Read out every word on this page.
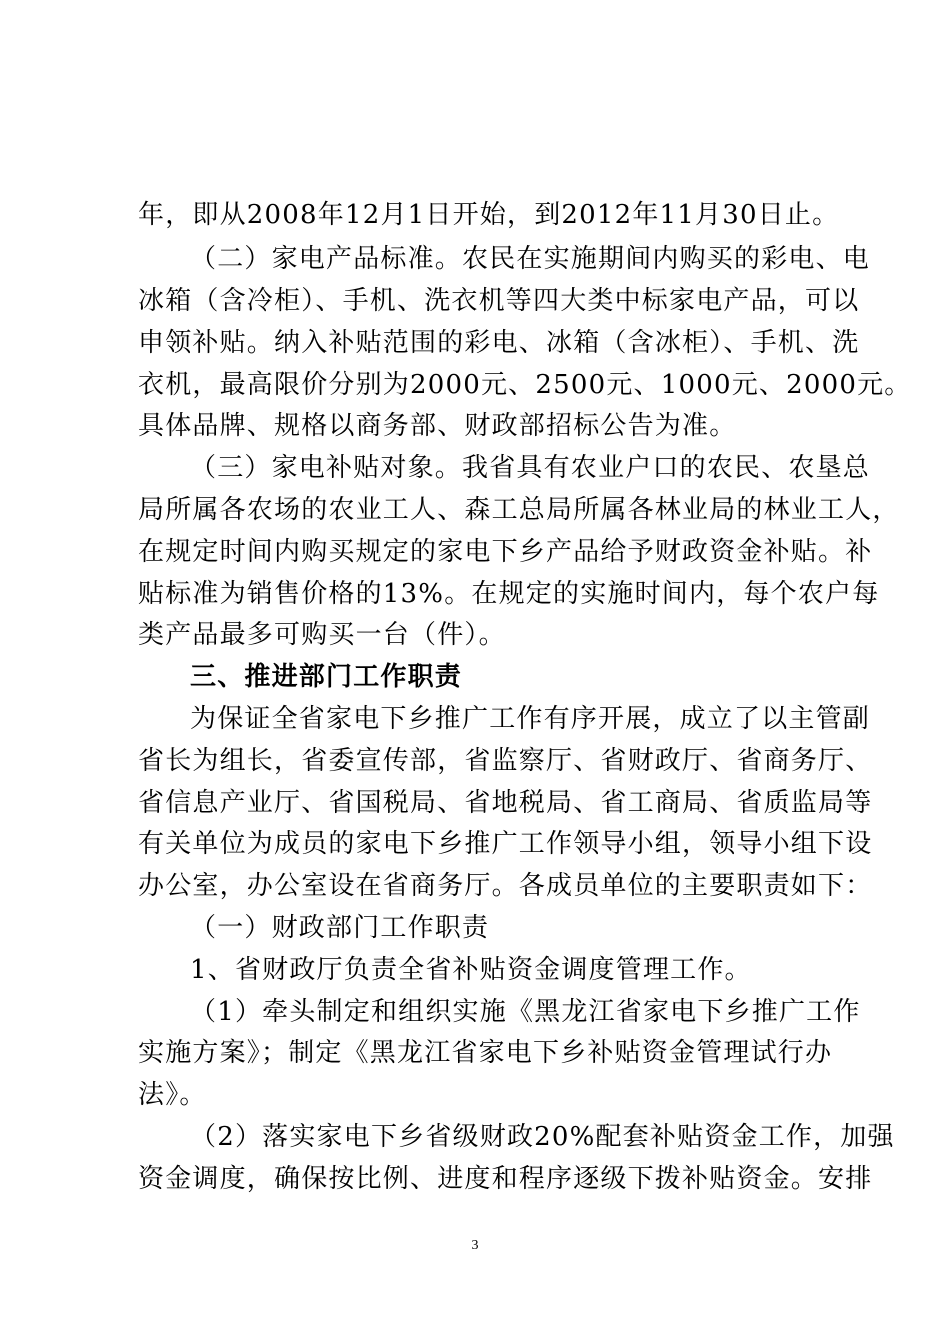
年，即从2008年12月1日开始，到2012年11月30日止。
（二）家电产品标准。农民在实施期间内购买的彩电、电
冰箱（含冷柜）、手机、洗衣机等四大类中标家电产品，可以
申领补贴。纳入补贴范围的彩电、冰箱（含冰柜）、手机、洗
衣机，最高限价分别为2000元、2500元、1000元、2000元。
具体品牌、规格以商务部、财政部招标公告为准。
（三）家电补贴对象。我省具有农业户口的农民、农垦总
局所属各农场的农业工人、森工总局所属各林业局的林业工人，
在规定时间内购买规定的家电下乡产品给予财政资金补贴。补
贴标准为销售价格的13%。在规定的实施时间内，每个农户每
类产品最多可购买一台（件）。
三、推进部门工作职责
为保证全省家电下乡推广工作有序开展，成立了以主管副
省长为组长，省委宣传部，省监察厅、省财政厅、省商务厅、
省信息产业厅、省国税局、省地税局、省工商局、省质监局等
有关单位为成员的家电下乡推广工作领导小组，领导小组下设
办公室，办公室设在省商务厅。各成员单位的主要职责如下：
（一）财政部门工作职责
1、省财政厅负责全省补贴资金调度管理工作。
（1）牵头制定和组织实施《黑龙江省家电下乡推广工作
实施方案》；制定《黑龙江省家电下乡补贴资金管理试行办
法》。
（2）落实家电下乡省级财政20%配套补贴资金工作，加强
资金调度，确保按比例、进度和程序逐级下拨补贴资金。安排
3
